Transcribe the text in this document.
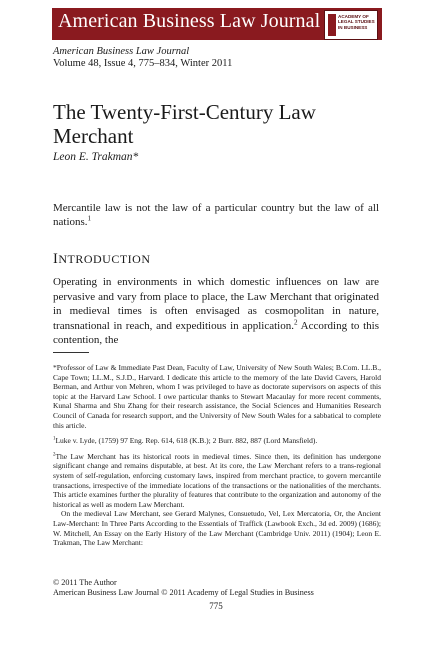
American Business Law Journal	ACADEMY OF LEGAL STUDIES IN BUSINESS
American Business Law Journal
Volume 48, Issue 4, 775–834, Winter 2011
The Twenty-First-Century Law Merchant
Leon E. Trakman*

Mercantile law is not the law of a particular country but the law of all nations.$^1$

INTRODUCTION

Operating in environments in which domestic influences on law are pervasive and vary from place to place, the Law Merchant that originated in medieval times is often envisaged as cosmopolitan in nature, transnational in reach, and expeditious in application.$^2$ According to this contention, the

*Professor of Law & Immediate Past Dean, Faculty of Law, University of New South Wales; B.Com. LL.B., Cape Town; LL.M., S.J.D., Harvard. I dedicate this article to the memory of the late David Cavers, Harold Berman, and Arthur von Mehren, whom I was privileged to have as doctorate supervisors on aspects of this topic at the Harvard Law School. I owe particular thanks to Stewart Macaulay for more recent comments, Kunal Sharma and Shu Zhang for their research assistance, the Social Sciences and Humanities Research Council of Canada for research support, and the University of New South Wales for a sabbatical to complete this article.

$^1$Luke v. Lyde, (1759) 97 Eng. Rep. 614, 618 (K.B.); 2 Burr. 882, 887 (Lord Mansfield).

$^2$The Law Merchant has its historical roots in medieval times. Since then, its definition has undergone significant change and remains disputable, at best. At its core, the Law Merchant refers to a trans-regional system of self-regulation, enforcing customary laws, inspired from merchant practice, to govern mercantile transactions, irrespective of the immediate locations of the transactions or the nationalities of the merchants. This article examines further the plurality of features that contribute to the organization and autonomy of the historical as well as modern Law Merchant.

On the medieval Law Merchant, see Gerard Malynes, Consuetudo, Vel, Lex Mercatoria, Or, the Ancient Law-Merchant: In Three Parts According to the Essentials of Traffick (Lawbook Exch., 3d ed. 2009) (1686); W. Mitchell, An Essay on the Early History of the Law Merchant (Cambridge Univ. 2011) (1904); Leon E. Trakman, The Law Merchant:

© 2011 The Author
American Business Law Journal © 2011 Academy of Legal Studies in Business
775
